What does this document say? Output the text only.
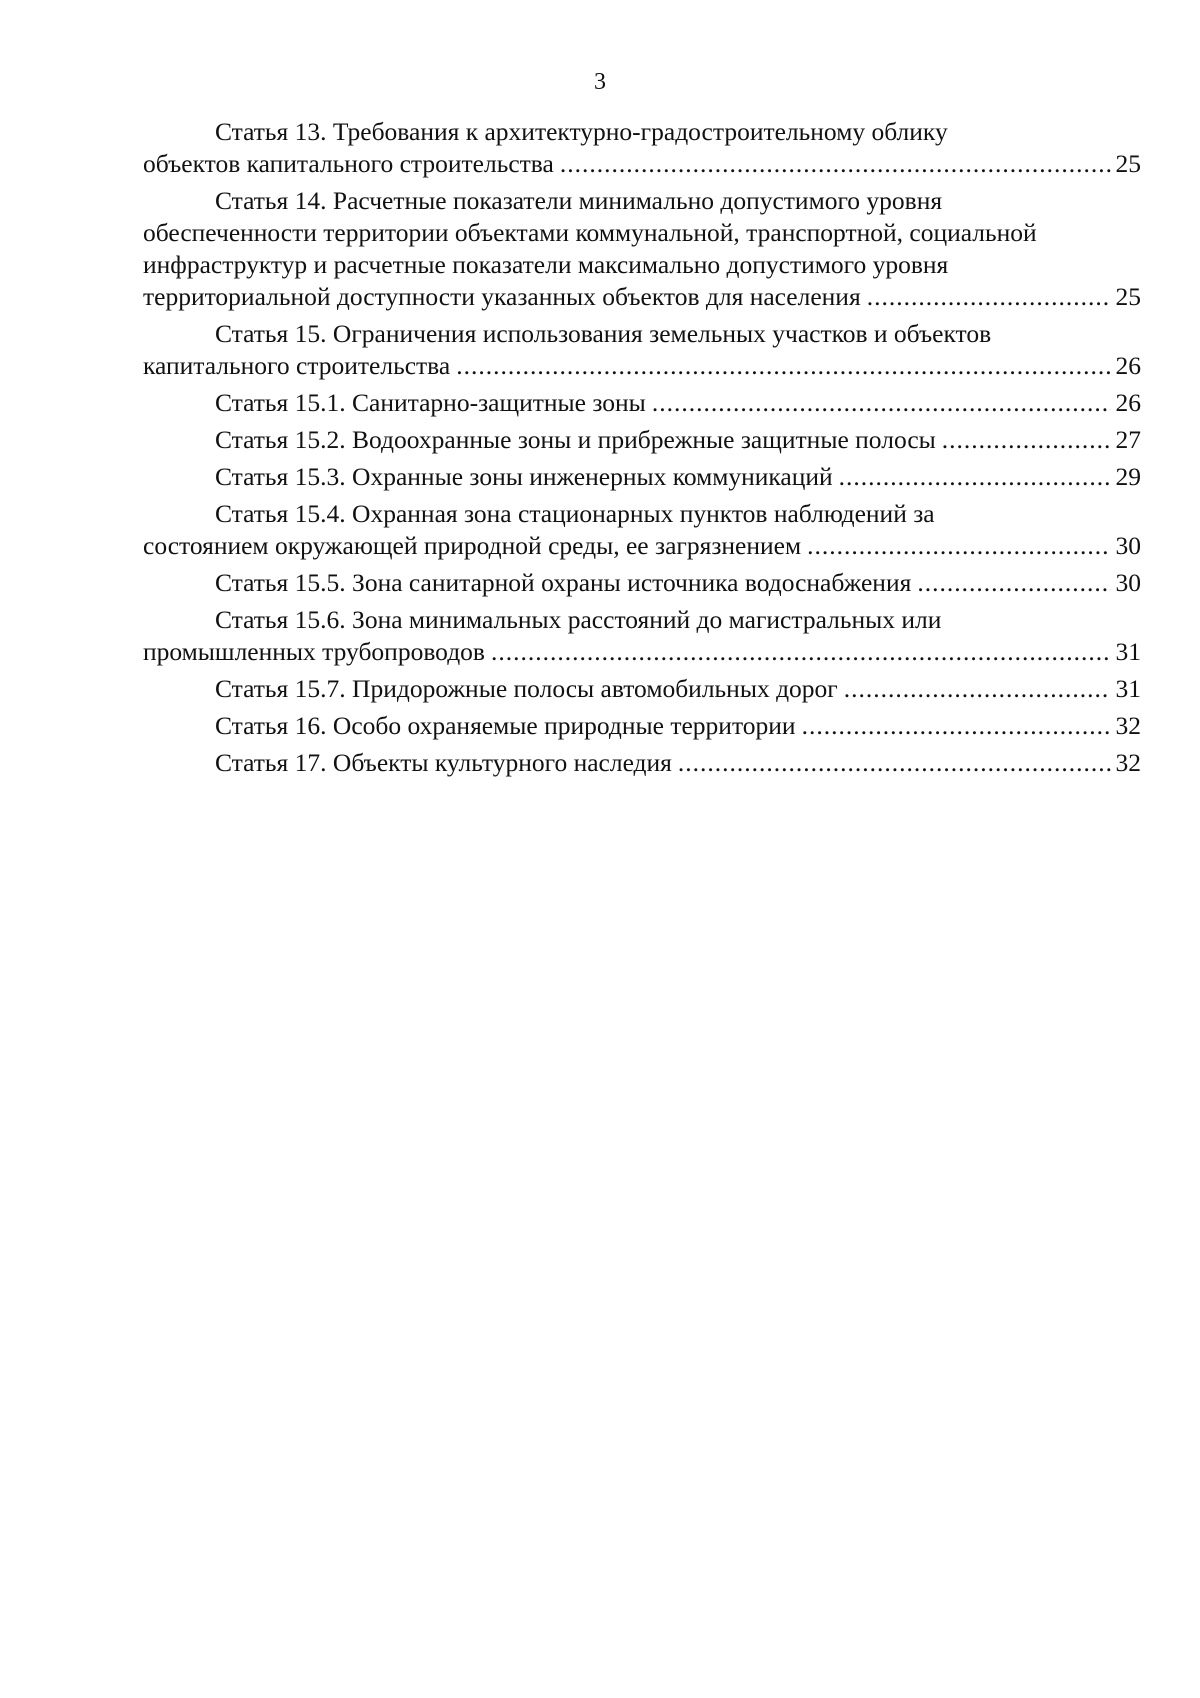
3
Статья 13. Требования к архитектурно-градостроительному облику
объектов капитального строительства .....	25
Статья 14. Расчетные показатели минимально допустимого уровня
обеспеченности территории объектами коммунальной, транспортной, социальной
инфраструктур и расчетные показатели максимально допустимого уровня
территориальной доступности указанных объектов для населения .....	25
Статья 15. Ограничения использования земельных участков и объектов
капитального строительства .....	26
Статья 15.1. Санитарно-защитные зоны .....	26
Статья 15.2. Водоохранные зоны и прибрежные защитные полосы .....	27
Статья 15.3. Охранные зоны инженерных коммуникаций .....	29
Статья 15.4. Охранная зона стационарных пунктов наблюдений за
состоянием окружающей природной среды, ее загрязнением .....	30
Статья 15.5. Зона санитарной охраны источника водоснабжения .....	30
Статья 15.6. Зона минимальных расстояний до магистральных или
промышленных трубопроводов .....	31
Статья 15.7. Придорожные полосы автомобильных дорог .....	31
Статья 16. Особо охраняемые природные территории .....	32
Статья 17. Объекты культурного наследия .....	32
